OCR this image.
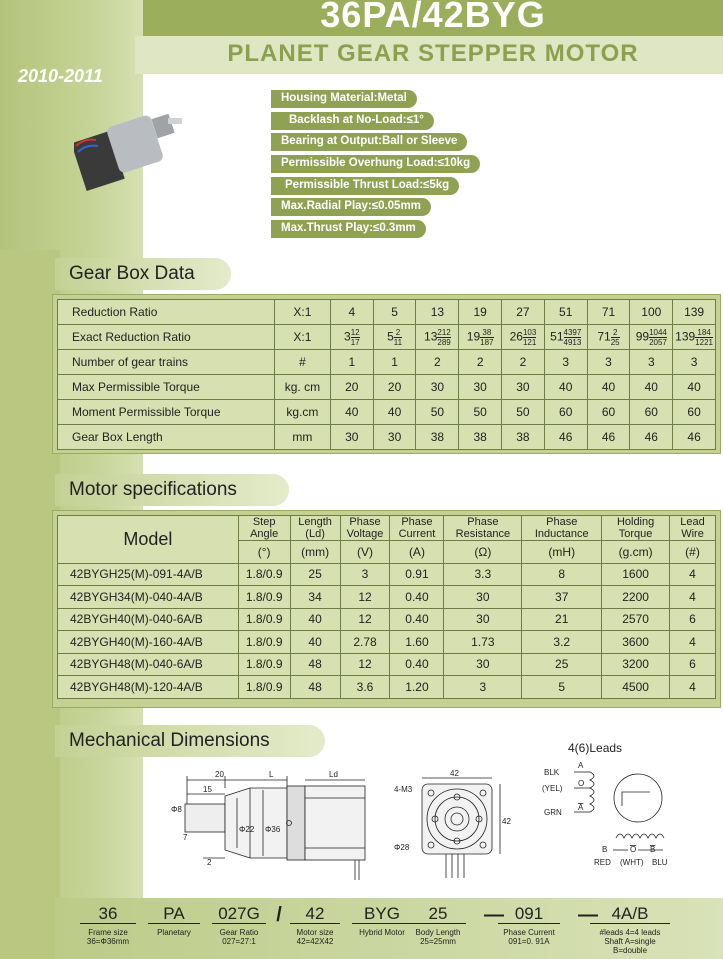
36PA/42BYG
PLANET GEAR STEPPER MOTOR
2010-2011
Housing Material:Metal
Backlash at No-Load:≤1°
Bearing at Output:Ball or Sleeve
Permissible Overhung Load:≤10kg
Permissible Thrust Load:≤5kg
Max.Radial Play:≤0.05mm
Max.Thrust Play:≤0.3mm
Gear Box Data
Reduction Ratio	X:1	4	5	13	19	27	51	71	100	139
Exact Reduction Ratio	X:1	$3 \frac{12}{17}$	$5 \frac{2}{11}$	$13 \frac{212}{289}$	$19 \frac{38}{187}$	$26 \frac{103}{121}$	$51 \frac{4397}{4913}$	$71 \frac{2}{25}$	$99 \frac{1044}{2057}$	$139 \frac{184}{1221}$

Number of gear trains	#	1	1	2	2	2	3	3	3	3
Max Permissible Torque	kg. cm	20	20	30	30	30	40	40	40	40
Moment Permissible Torque	kg.cm	40	40	50	50	50	60	60	60	60
Gear Box Length	mm	30	30	38	38	38	46	46	46	46
Motor specifications
Model	Step Angle	Length (Ld)	Phase Voltage	Phase Current	Phase Resistance	Phase Inductance	Holding Torque	Lead Wire
	(°)	(mm)	(V)	(A)	(Ω)	(mH)	(g.cm)	(#)
42BYGH25(M)-091-4A/B	1.8/0.9	25	3	0.91	3.3	8	1600	4
42BYGH34(M)-040-4A/B	1.8/0.9	34	12	0.40	30	37	2200	4
42BYGH40(M)-040-6A/B	1.8/0.9	40	12	0.40	30	21	2570	6
42BYGH40(M)-160-4A/B	1.8/0.9	40	2.78	1.60	1.73	3.2	3600	4
42BYGH48(M)-040-6A/B	1.8/0.9	48	12	0.40	30	25	3200	6
42BYGH48(M)-120-4A/B	1.8/0.9	48	3.6	1.20	3	5	4500	4
Mechanical Dimensions
20	L	Ld
15
Φ8
7
Φ22 Φ36
2
42
4-M3
42
Φ28
4(6)Leads
BLK
(YEL)
GRN
A
O
A
B	O B
RED (WHT) BLU
36
Frame size
36=Φ36mm
PA
Planetary
027G
Gear Ratio
027=27:1
/	42
Motor size
42=42X42
BYG
Hybrid Motor
25
Body Length
25=25mm
— 091
Phase Current
091=0. 91A
— 4A/B
#leads 4=4 leads
Shaft A=single
B=double
